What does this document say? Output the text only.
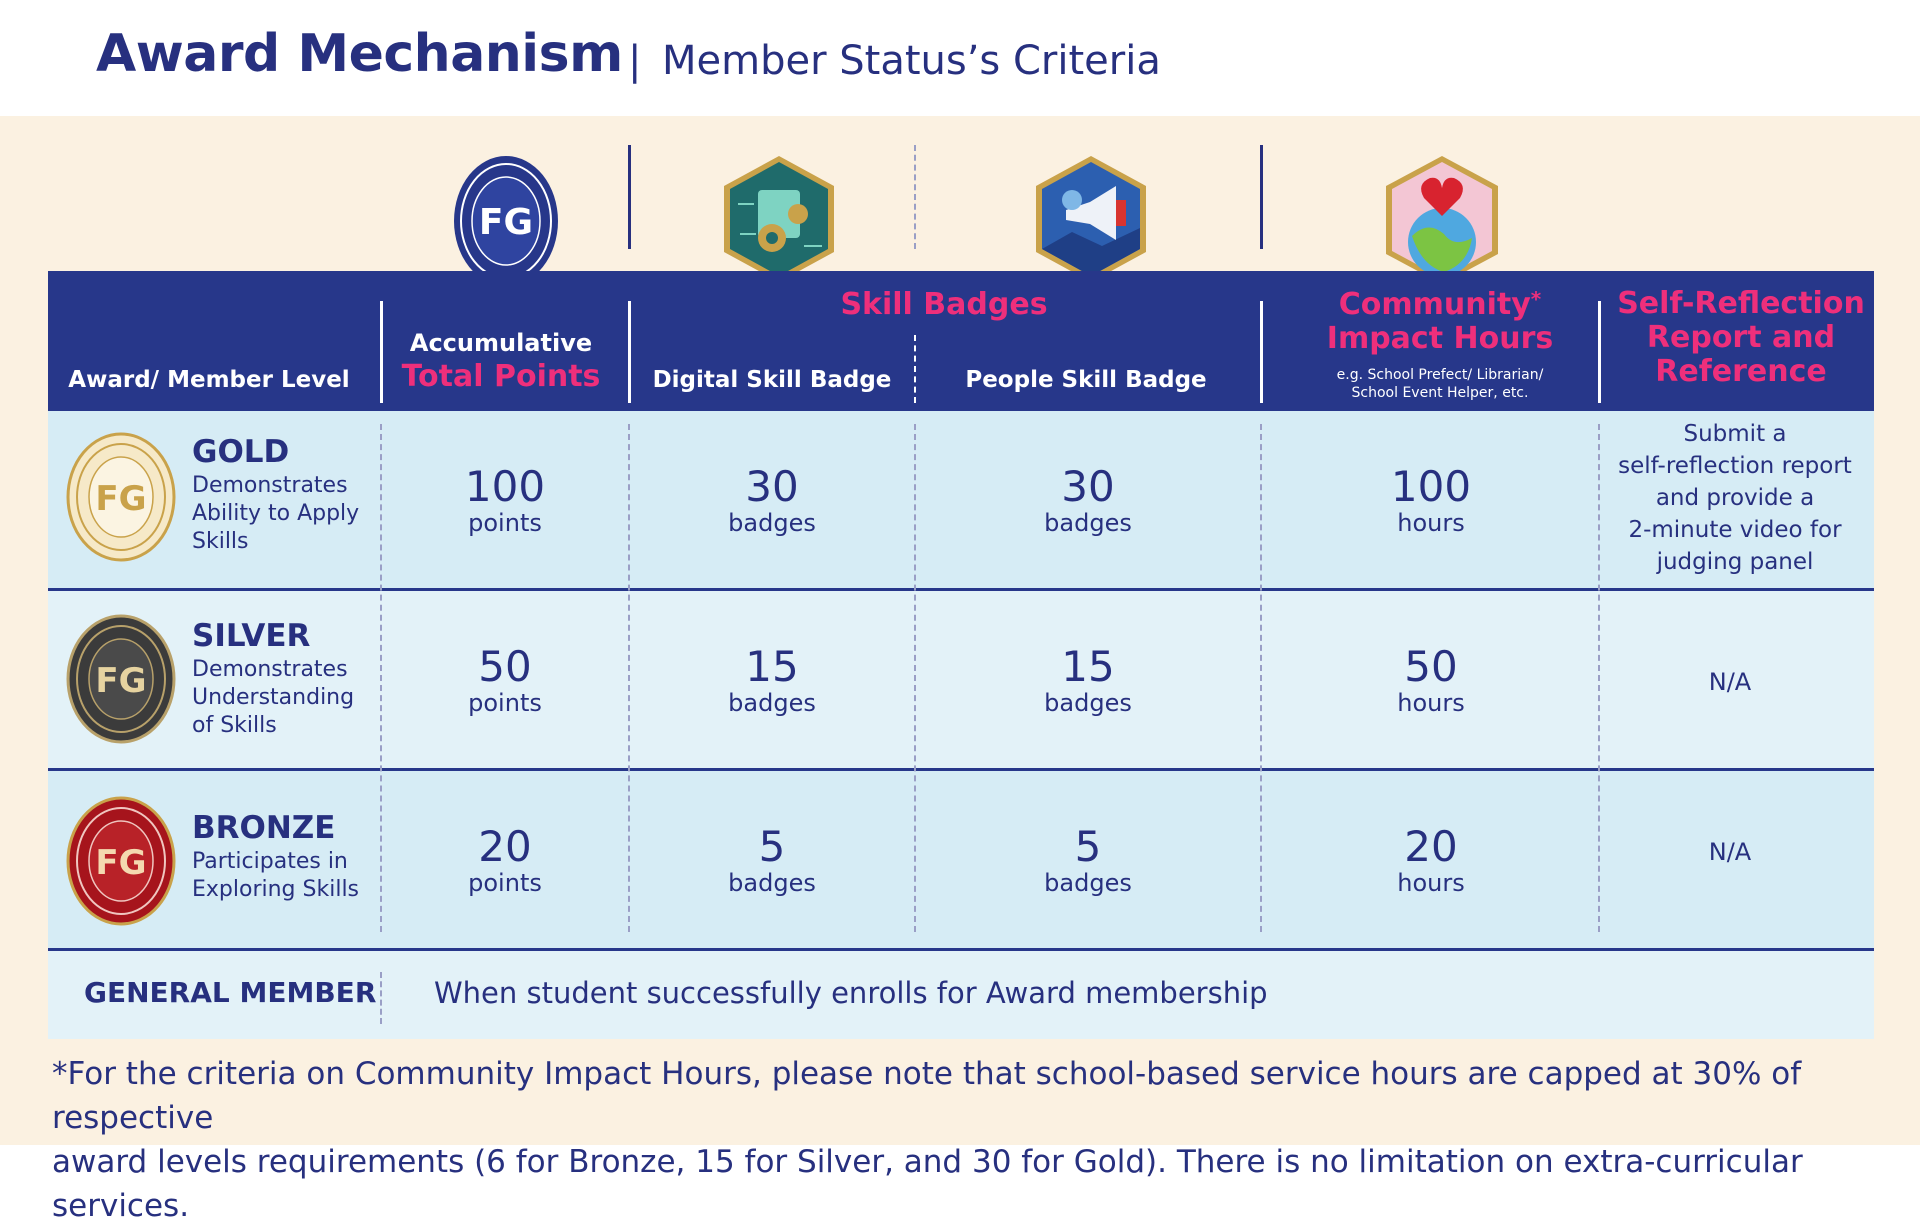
Award Mechanism | Member Status’s Criteria
FG
Award/ Member Level
Accumulative
Total Points
Skill Badges
Digital Skill Badge	People Skill Badge
Community*
Impact Hours
e.g. School Prefect/ Librarian/
School Event Helper, etc.
Self-Reflection
Report and
Reference
FG
GOLD
Demonstrates
Ability to Apply
Skills
100
points
30
badges
30
badges
100
hours
Submit a
self-reflection report
and provide a
2-minute video for
judging panel
FG
SILVER
Demonstrates
Understanding
of Skills
50
points
15
badges
15
badges
50
hours
N/A
FG
BRONZE
Participates in
Exploring Skills
20
points
5
badges
5
badges
20
hours
N/A
GENERAL MEMBER When student successfully enrolls for Award membership
*For the criteria on Community Impact Hours, please note that school-based service hours are capped at 30% of respective
award levels requirements (6 for Bronze, 15 for Silver, and 30 for Gold). There is no limitation on extra-curricular services.
